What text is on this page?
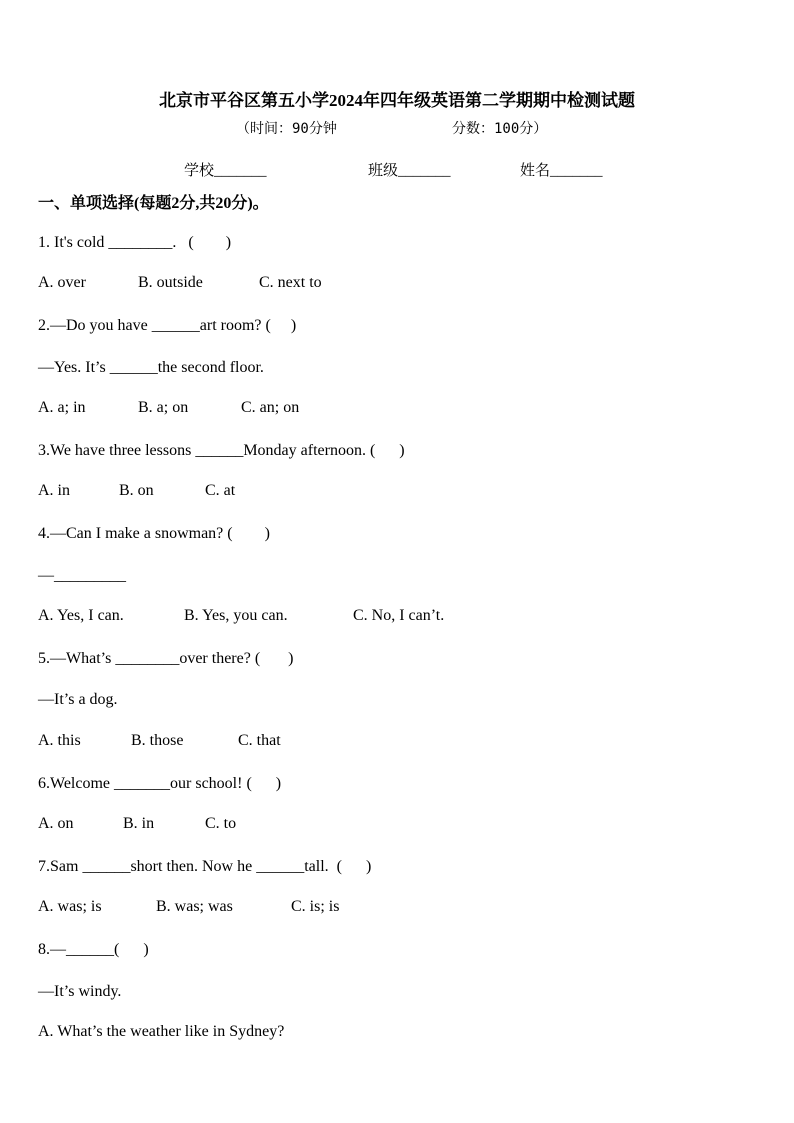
北京市平谷区第五小学2024年四年级英语第二学期期中检测试题
（时间：90分钟	分数：100分）
学校_______	班级_______	姓名_______
一、单项选择(每题2分,共20分)。
1. It's cold ________.   (        )
A. over	B. outside	C. next to
2.—Do you have ______art room? (     )
—Yes. It’s ______the second floor.
A. a; in	B. a; on	C. an; on
3.We have three lessons ______Monday afternoon. (      )
A. in	B. on	C. at
4.—Can I make a snowman? (        )
—_________
A. Yes, I can.	B. Yes, you can.	C. No, I can’t.
5.—What’s ________over there? (       )
—It’s a dog.
A. this	B. those	C. that
6.Welcome _______our school! (      )
A. on	B. in	C. to
7.Sam ______short then. Now he ______tall.  (      )
A. was; is	B. was; was	C. is; is
8.—______(      )
—It’s windy.
A. What’s the weather like in Sydney?
